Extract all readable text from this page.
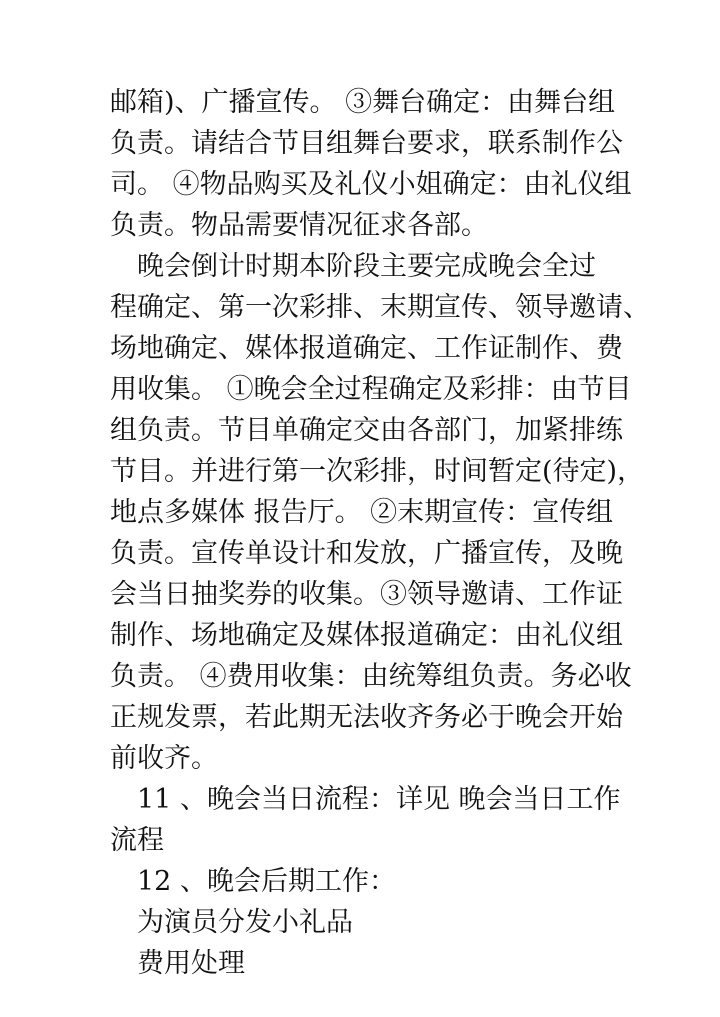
邮箱)、广播宣传。 ③舞台确定：由舞台组
负责。请结合节目组舞台要求，联系制作公
司。 ④物品购买及礼仪小姐确定：由礼仪组
负责。物品需要情况征求各部。
晚会倒计时期本阶段主要完成晚会全过
程确定、第一次彩排、末期宣传、领导邀请、
场地确定、媒体报道确定、工作证制作、费
用收集。 ①晚会全过程确定及彩排：由节目
组负责。节目单确定交由各部门，加紧排练
节目。并进行第一次彩排，时间暂定(待定)，
地点多媒体 报告厅。 ②末期宣传：宣传组
负责。宣传单设计和发放，广播宣传，及晚
会当日抽奖券的收集。③领导邀请、工作证
制作、场地确定及媒体报道确定：由礼仪组
负责。 ④费用收集：由统筹组负责。务必收
正规发票，若此期无法收齐务必于晚会开始
前收齐。
11 、晚会当日流程：详见 晚会当日工作
流程
12 、晚会后期工作：
为演员分发小礼品
费用处理
